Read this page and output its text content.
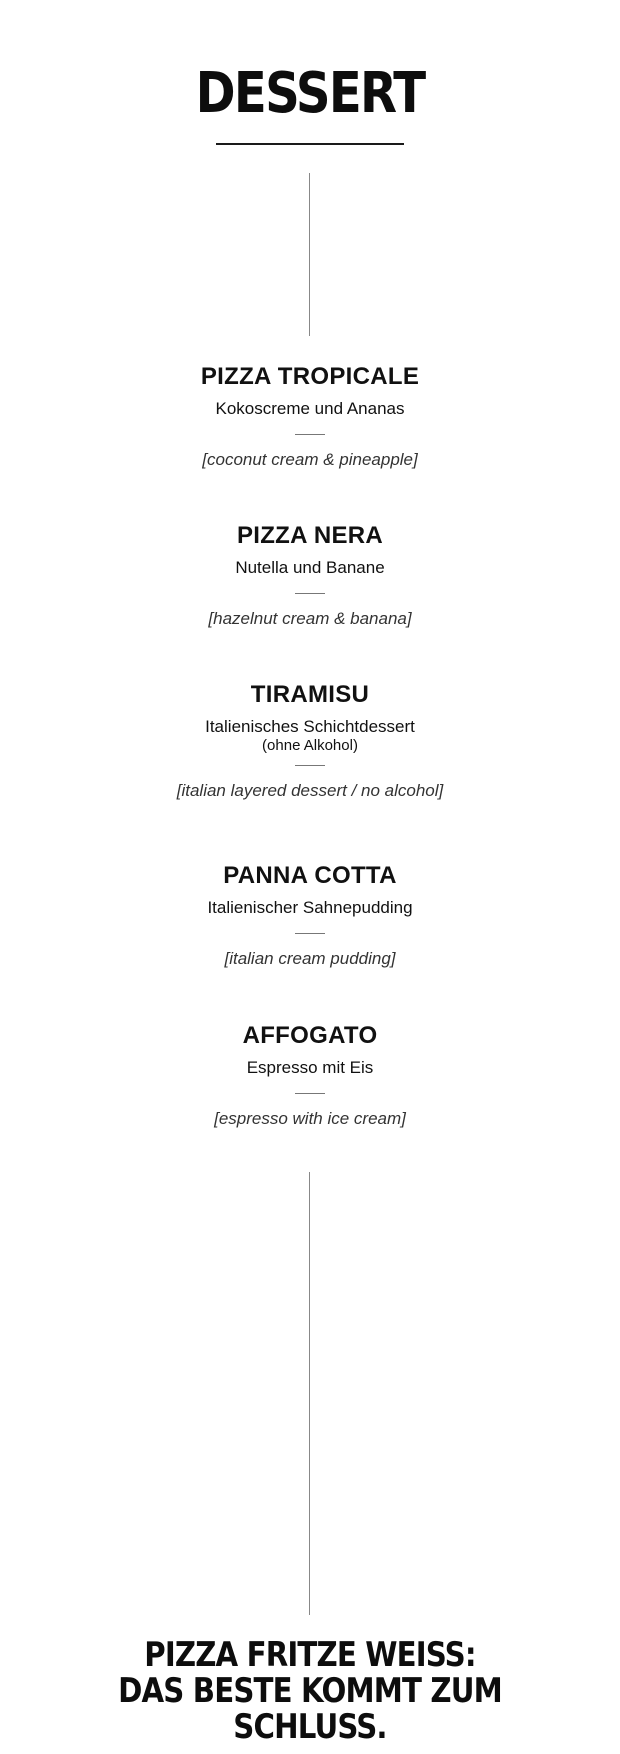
DESSERT
PIZZA TROPICALE
Kokoscreme und Ananas
[coconut cream & pineapple]
PIZZA NERA
Nutella und Banane
[hazelnut cream & banana]
TIRAMISU
Italienisches Schichtdessert
(ohne Alkohol)
[italian layered dessert / no alcohol]
PANNA COTTA
Italienischer Sahnepudding
[italian cream pudding]
AFFOGATO
Espresso mit Eis
[espresso with ice cream]
PIZZA FRITZE WEISS:
DAS BESTE KOMMT ZUM SCHLUSS.
